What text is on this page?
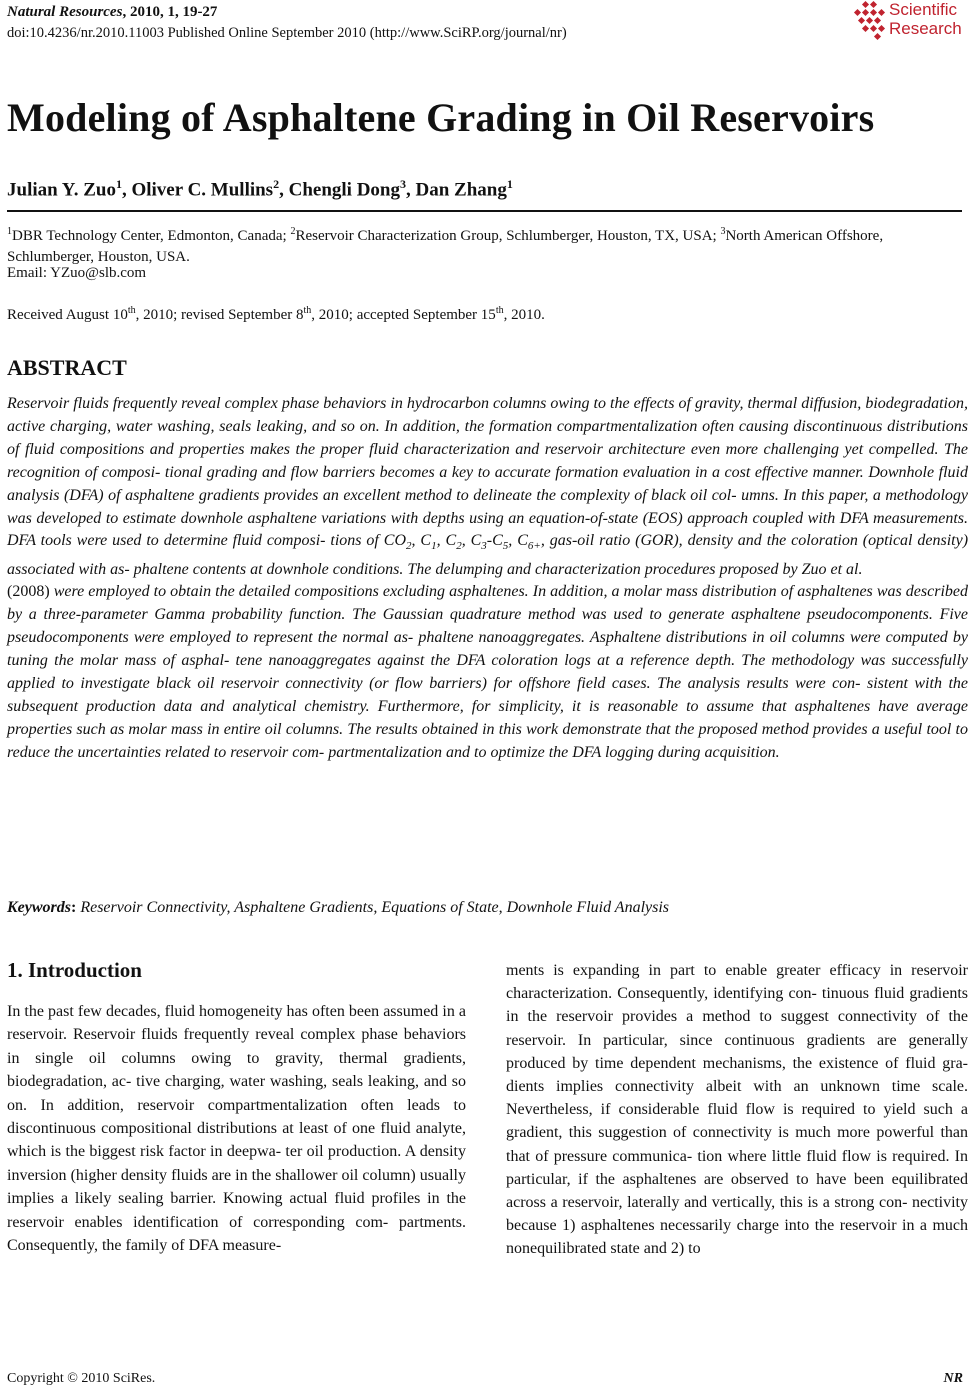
Natural Resources, 2010, 1, 19-27
doi:10.4236/nr.2010.11003 Published Online September 2010 (http://www.SciRP.org/journal/nr)
Scientific
Research
Modeling of Asphaltene Grading in Oil Reservoirs
Julian Y. Zuo$^1$, Oliver C. Mullins$^2$, Chengli Dong$^3$, Dan Zhang$^1$
$^1$DBR Technology Center, Edmonton, Canada; $^2$Reservoir Characterization Group, Schlumberger, Houston, TX, USA; $^3$North American Offshore, Schlumberger, Houston, USA.
Email: YZuo@slb.com
Received August 10th, 2010; revised September 8th, 2010; accepted September 15th, 2010.
ABSTRACT
Reservoir fluids frequently reveal complex phase behaviors in hydrocarbon columns owing to the effects of gravity, thermal diffusion, biodegradation, active charging, water washing, seals leaking, and so on. In addition, the formation compartmentalization often causing discontinuous distributions of fluid compositions and properties makes the proper fluid characterization and reservoir architecture even more challenging yet compelled. The recognition of composi- tional grading and flow barriers becomes a key to accurate formation evaluation in a cost effective manner. Downhole fluid analysis (DFA) of asphaltene gradients provides an excellent method to delineate the complexity of black oil col- umns. In this paper, a methodology was developed to estimate downhole asphaltene variations with depths using an equation-of-state (EOS) approach coupled with DFA measurements. DFA tools were used to determine fluid composi- tions of $CO_2$, $C_1$, $C_2$, $C_3-C_5$, $C_{6+}$, gas-oil ratio (GOR), density and the coloration (optical density) associated with as- phaltene contents at downhole conditions. The delumping and characterization procedures proposed by Zuo et al.
(2008) were employed to obtain the detailed compositions excluding asphaltenes. In addition, a molar mass distribution of asphaltenes was described by a three-parameter Gamma probability function. The Gaussian quadrature method was used to generate asphaltene pseudocomponents. Five pseudocomponents were employed to represent the normal as- phaltene nanoaggregates. Asphaltene distributions in oil columns were computed by tuning the molar mass of asphal- tene nanoaggregates against the DFA coloration logs at a reference depth. The methodology was successfully applied to investigate black oil reservoir connectivity (or flow barriers) for offshore field cases. The analysis results were con- sistent with the subsequent production data and analytical chemistry. Furthermore, for simplicity, it is reasonable to assume that asphaltenes have average properties such as molar mass in entire oil columns. The results obtained in this work demonstrate that the proposed method provides a useful tool to reduce the uncertainties related to reservoir com- partmentalization and to optimize the DFA logging during acquisition.
Keywords: Reservoir Connectivity, Asphaltene Gradients, Equations of State, Downhole Fluid Analysis
1. Introduction
In the past few decades, fluid homogeneity has often been assumed in a reservoir. Reservoir fluids frequently reveal complex phase behaviors in single oil columns owing to gravity, thermal gradients, biodegradation, ac- tive charging, water washing, seals leaking, and so on. In addition, reservoir compartmentalization often leads to discontinuous compositional distributions at least of one fluid analyte, which is the biggest risk factor in deepwa- ter oil production. A density inversion (higher density fluids are in the shallower oil column) usually implies a likely sealing barrier. Knowing actual fluid profiles in the reservoir enables identification of corresponding com- partments. Consequently, the family of DFA measure-
ments is expanding in part to enable greater efficacy in reservoir characterization. Consequently, identifying con- tinuous fluid gradients in the reservoir provides a method to suggest connectivity of the reservoir. In particular, since continuous gradients are generally produced by time dependent mechanisms, the existence of fluid gra- dients implies connectivity albeit with an unknown time scale. Nevertheless, if considerable fluid flow is required to yield such a gradient, this suggestion of connectivity is much more powerful than that of pressure communica- tion where little fluid flow is required. In particular, if the asphaltenes are observed to have been equilibrated across a reservoir, laterally and vertically, this is a strong con- nectivity because 1) asphaltenes necessarily charge into the reservoir in a much nonequilibrated state and 2) to
Copyright © 2010 SciRes.	NR
